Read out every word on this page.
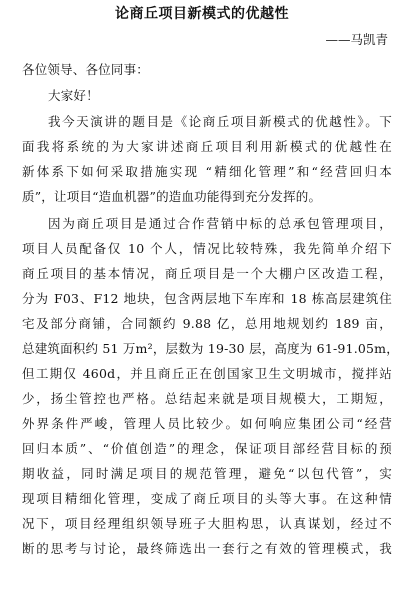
论商丘项目新模式的优越性
——马凯青
各位领导、各位同事：
大家好！
我今天演讲的题目是《论商丘项目新模式的优越性》。下
面我将系统的为大家讲述商丘项目利用新模式的优越性在
新体系下如何采取措施实现 “精细化管理”和“经营回归本
质”，让项目“造血机器”的造血功能得到充分发挥的。
因为商丘项目是通过合作营销中标的总承包管理项目，
项目人员配备仅 10 个人，情况比较特殊，我先简单介绍下
商丘项目的基本情况，商丘项目是一个大棚户区改造工程，
分为 F03、F12 地块，包含两层地下车库和 18 栋高层建筑住
宅及部分商铺，合同额约 9.88 亿，总用地规划约 189 亩，
总建筑面积约 51 万m²，层数为 19-30 层，高度为 61-91.05m，
但工期仅 460d，并且商丘正在创国家卫生文明城市，搅拌站
少，扬尘管控也严格。总结起来就是项目规模大，工期短，
外界条件严峻，管理人员比较少。如何响应集团公司“经营
回归本质”、“价值创造”的理念，保证项目部经营目标的预
期收益，同时满足项目的规范管理，避免“以包代管”，实
现项目精细化管理，变成了商丘项目的头等大事。在这种情
况下，项目经理组织领导班子大胆构思，认真谋划，经过不
断的思考与讨论，最终筛选出一套行之有效的管理模式，我
